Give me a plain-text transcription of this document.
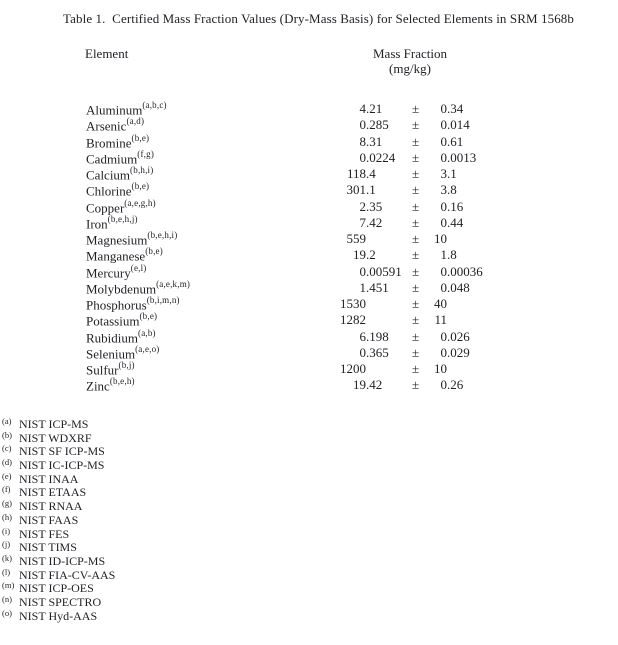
Table 1.  Certified Mass Fraction Values (Dry-Mass Basis) for Selected Elements in SRM 1568b
Element	Mass Fraction
(mg/kg)
Aluminum$^{(a,b,c)}$	4 .21 ±	0 .34
Arsenic$^{(a,d)}$	0 .285 ±	0 .014
Bromine$^{(b,e)}$	8 .31 ±	0 .61
Cadmium$^{(f,g)}$	0 .0224 ±	0 .0013
Calcium$^{(b,h,i)}$	118 .4	±	3 .1
Chlorine$^{(b,e)}$	301 .1	±	3 .8
Copper$^{(a,e,g,h)}$	2 .35 ±	0 .16
Iron$^{(b,e,h,j)}$	7 .42 ±	0 .44
Magnesium$^{(b,e,h,i)}$	559	±	10
Manganese$^{(b,e)}$	19 .2	±	1 .8
Mercury$^{(e,l)}$	0 .00591 ±	0 .00036
Molybdenum$^{(a,e,k,m)}$	1 .451 ±	0 .048
Phosphorus$^{(b,i,m,n)}$	1530	±	40
Potassium$^{(b,e)}$	1282	±	11
Rubidium$^{(a,b)}$	6 .198 ±	0 .026
Selenium$^{(a,e,o)}$	0 .365 ±	0 .029
Sulfur$^{(b,j)}$	1200	±	10
Zinc$^{(b,e,h)}$	19 .42 ±	0 .26
$^{(a)}$ NIST ICP-MS
$^{(b)}$ NIST WDXRF
$^{(c)}$ NIST SF ICP-MS
$^{(d)}$ NIST IC-ICP-MS
$^{(e)}$ NIST INAA
$^{(f)}$ NIST ETAAS
$^{(g)}$ NIST RNAA
$^{(h)}$ NIST FAAS
$^{(i)}$ NIST FES
$^{(j)}$ NIST TIMS
$^{(k)}$ NIST ID-ICP-MS
$^{(l)}$ NIST FIA-CV-AAS
$^{(m)}$ NIST ICP-OES
$^{(n)}$ NIST SPECTRO
$^{(o)}$ NIST Hyd-AAS
